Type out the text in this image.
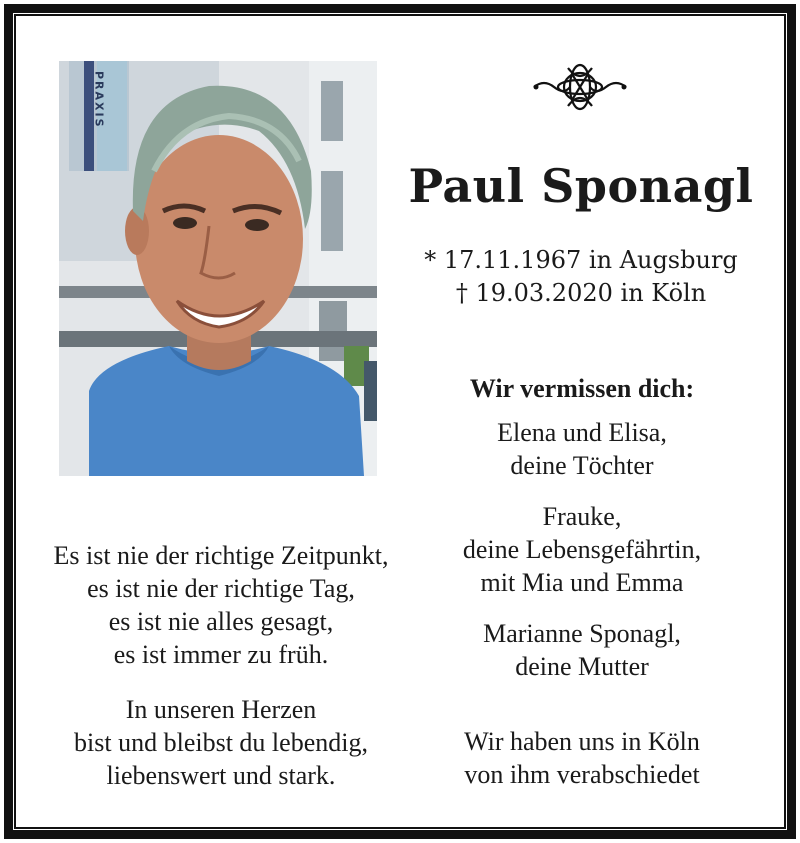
PRAXIS
Paul Sponagl
* 17.11.1967 in Augsburg
† 19.03.2020 in Köln
Wir vermissen dich:
Elena und Elisa,
deine Töchter
Frauke,
deine Lebensgefährtin,
mit Mia und Emma
Marianne Sponagl,
deine Mutter
Wir haben uns in Köln
von ihm verabschiedet
Es ist nie der richtige Zeitpunkt,
es ist nie der richtige Tag,
es ist nie alles gesagt,
es ist immer zu früh.
In unseren Herzen
bist und bleibst du lebendig,
liebenswert und stark.
